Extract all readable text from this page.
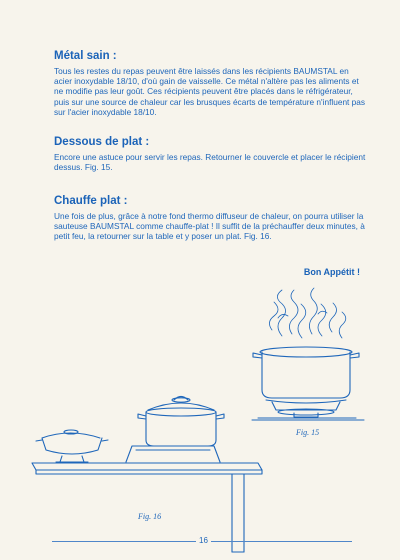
Métal sain :

Tous les restes du repas peuvent être laissés dans les récipients BAUMSTAL en acier inoxydable 18/10, d'où gain de vaisselle. Ce métal n'altère pas les aliments et ne modifie pas leur goût. Ces récipients peuvent être placés dans le réfrigérateur, puis sur une source de chaleur car les brusques écarts de température n'influent pas sur l'acier inoxydable 18/10.

Dessous de plat :

Encore une astuce pour servir les repas. Retourner le couvercle et placer le récipient dessus. Fig. 15.

Chauffe plat :

Une fois de plus, grâce à notre fond thermo diffuseur de chaleur, on pourra utiliser la sauteuse BAUMSTAL comme chauffe-plat ! Il suffit de la préchauffer deux minutes, à petit feu, la retourner sur la table et y poser un plat. Fig. 16.

Bon Appétit !
Fig. 15
Fig. 16
16
